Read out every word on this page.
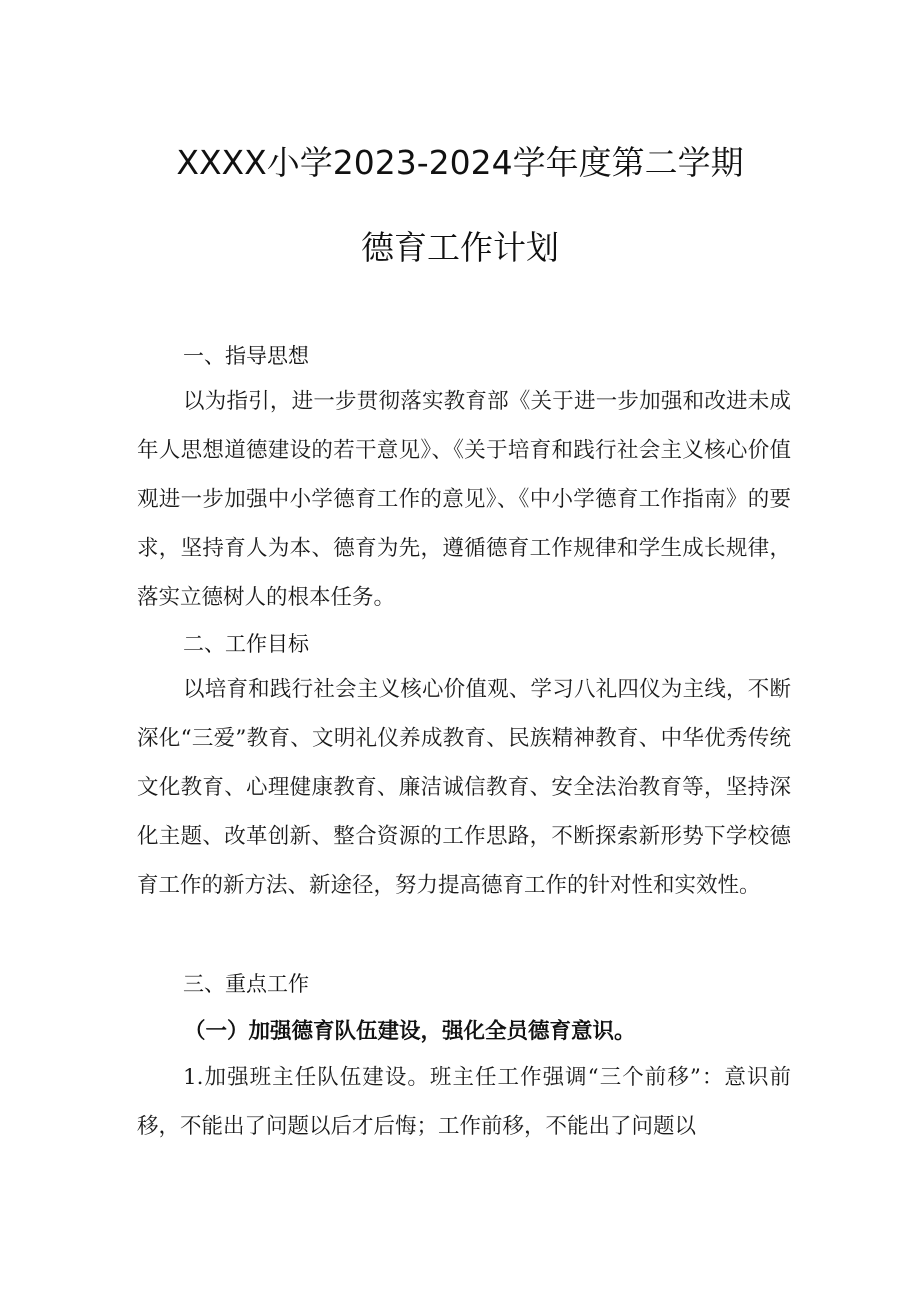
XXXX小学2023-2024学年度第二学期
德育工作计划
一、指导思想

以为指引，进一步贯彻落实教育部《关于进一步加强和改进未成年人思想道德建设的若干意见》、《关于培育和践行社会主义核心价值观进一步加强中小学德育工作的意见》、《中小学德育工作指南》的要求，坚持育人为本、德育为先，遵循德育工作规律和学生成长规律，落实立德树人的根本任务。

二、工作目标

以培育和践行社会主义核心价值观、学习八礼四仪为主线，不断深化“三爱”教育、文明礼仪养成教育、民族精神教育、中华优秀传统文化教育、心理健康教育、廉洁诚信教育、安全法治教育等，坚持深化主题、改革创新、整合资源的工作思路，不断探索新形势下学校德育工作的新方法、新途径，努力提高德育工作的针对性和实效性。

三、重点工作
（一）加强德育队伍建设，强化全员德育意识。

1.加强班主任队伍建设。班主任工作强调“三个前移”：意识前移，不能出了问题以后才后悔；工作前移，不能出了问题以
